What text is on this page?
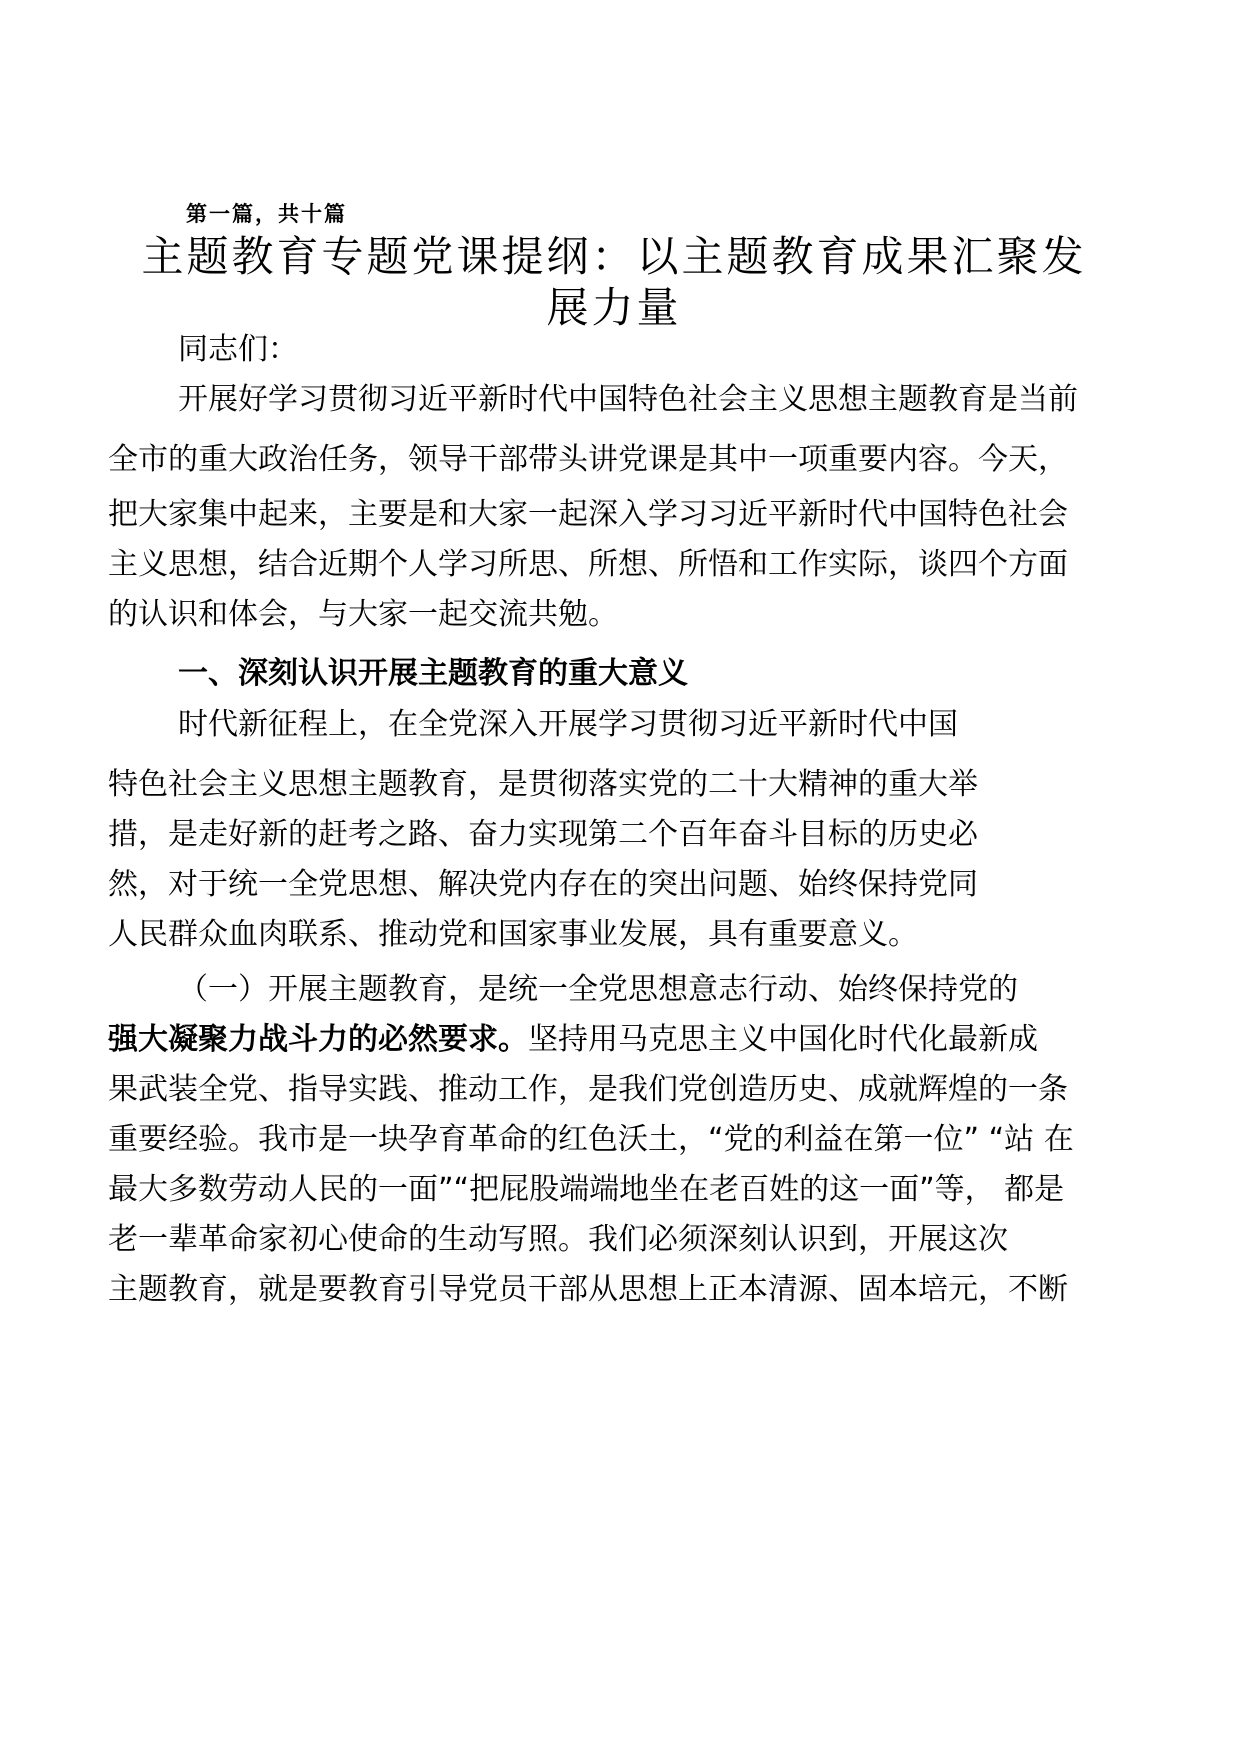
第一篇，共十篇
主题教育专题党课提纲：以主题教育成果汇聚发
展力量
同志们：
开展好学习贯彻习近平新时代中国特色社会主义思想主题教育是当前
全市的重大政治任务，领导干部带头讲党课是其中一项重要内容。今天，
把大家集中起来，主要是和大家一起深入学习习近平新时代中国特色社会
主义思想，结合近期个人学习所思、所想、所悟和工作实际，谈四个方面
的认识和体会，与大家一起交流共勉。
一、深刻认识开展主题教育的重大意义
时代新征程上，在全党深入开展学习贯彻习近平新时代中国
特色社会主义思想主题教育，是贯彻落实党的二十大精神的重大举
措，是走好新的赶考之路、奋力实现第二个百年奋斗目标的历史必
然，对于统一全党思想、解决党内存在的突出问题、始终保持党同
人民群众血肉联系、推动党和国家事业发展，具有重要意义。
（一）开展主题教育，是统一全党思想意志行动、始终保持党的
强大凝聚力战斗力的必然要求。坚持用马克思主义中国化时代化最新成
果武装全党、指导实践、推动工作，是我们党创造历史、成就辉煌的一条
重要经验。我市是一块孕育革命的红色沃土，“党的利益在第一位” “站 在
最大多数劳动人民的一面”“把屁股端端地坐在老百姓的这一面”等， 都是
老一辈革命家初心使命的生动写照。我们必须深刻认识到，开展这次
主题教育，就是要教育引导党员干部从思想上正本清源、固本培元，不断
